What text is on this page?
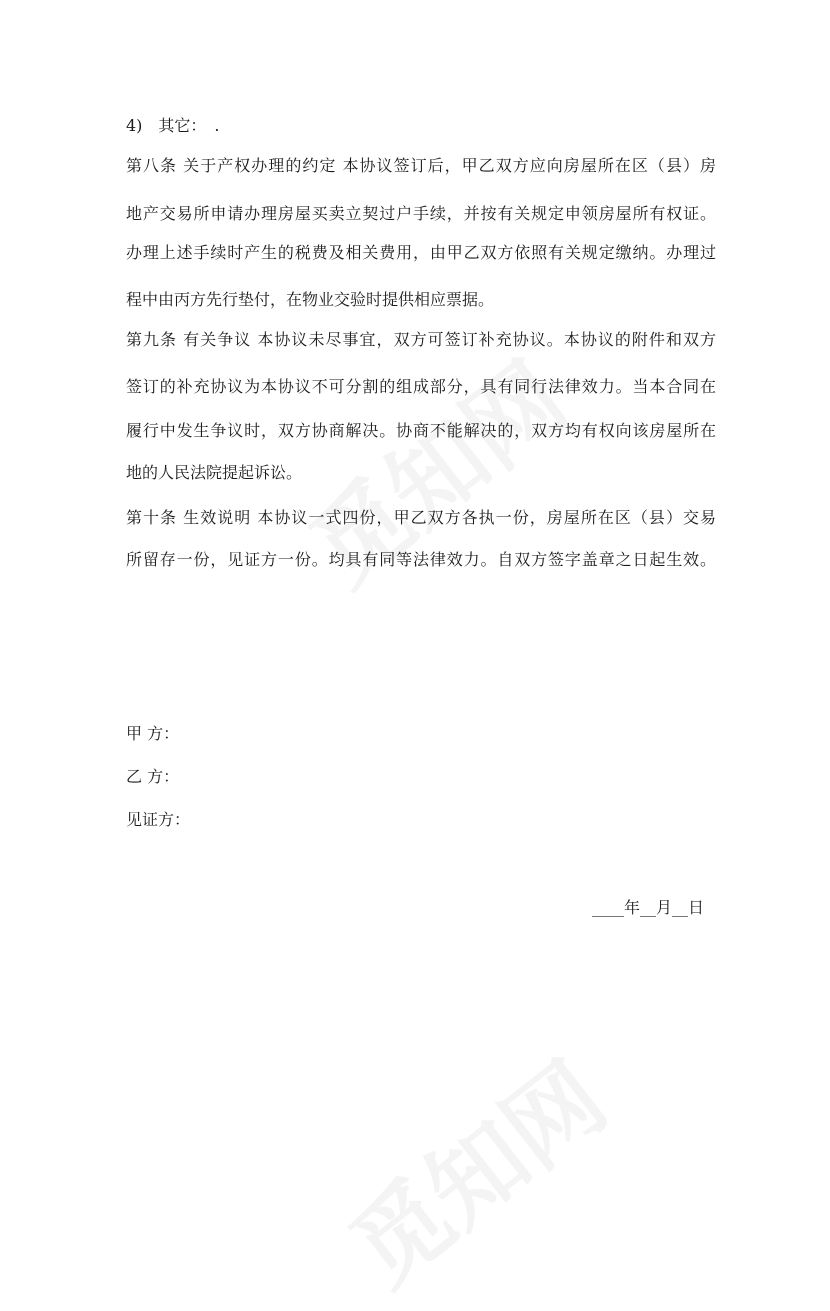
4)　其它：　.
第八条 关于产权办理的约定 本协议签订后，甲乙双方应向房屋所在区（县）房
地产交易所申请办理房屋买卖立契过户手续，并按有关规定申领房屋所有权证。
办理上述手续时产生的税费及相关费用，由甲乙双方依照有关规定缴纳。办理过
程中由丙方先行垫付，在物业交验时提供相应票据。
第九条 有关争议 本协议未尽事宜，双方可签订补充协议。本协议的附件和双方
签订的补充协议为本协议不可分割的组成部分，具有同行法律效力。当本合同在
履行中发生争议时，双方协商解决。协商不能解决的，双方均有权向该房屋所在
地的人民法院提起诉讼。
第十条 生效说明 本协议一式四份，甲乙双方各执一份，房屋所在区（县）交易
所留存一份，见证方一份。均具有同等法律效力。自双方签字盖章之日起生效。
甲 方：
乙 方：
见证方：
____年__月__日
